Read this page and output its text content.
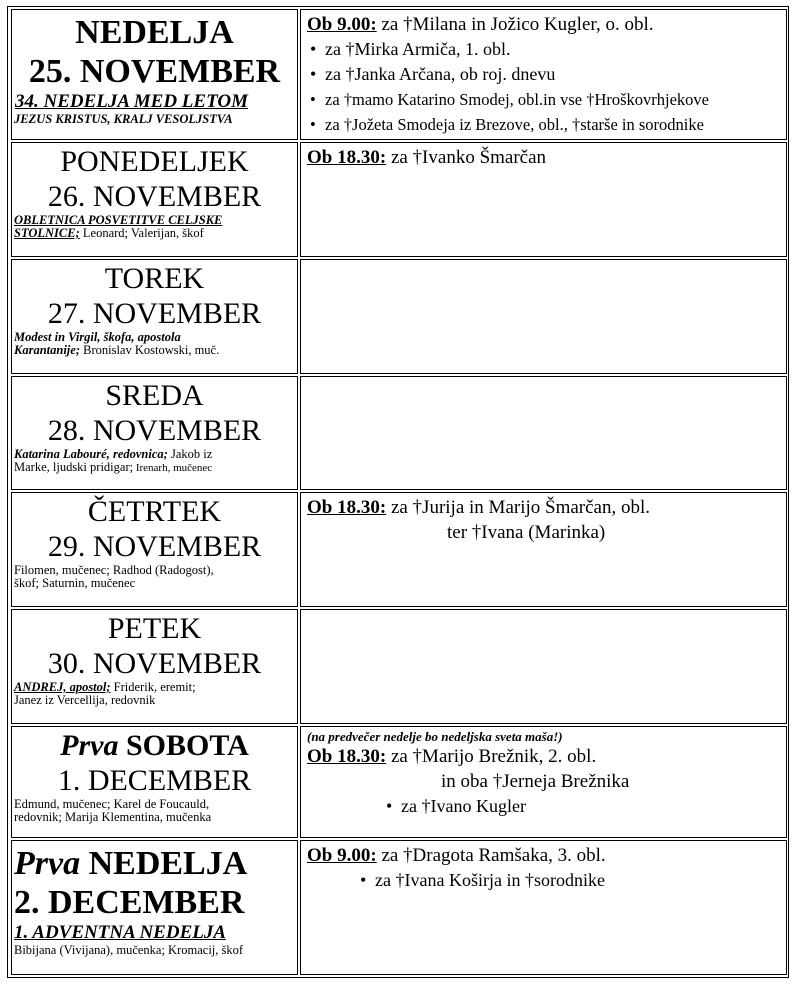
NEDELJA
25. NOVEMBER
34. NEDELJA MED LETOM
JEZUS KRISTUS, KRALJ VESOLJSTVA
Ob 9.00: za †Milana in Jožico Kugler, o. obl.
• za †Mirka Armiča, 1. obl.
• za †Janka Arčana, ob roj. dnevu
• za †mamo Katarino Smodej, obl.in vse †Hroškovrhjekove
• za †Jožeta Smodeja iz Brezove, obl., †starše in sorodnike
PONEDELJEK
26. NOVEMBER
OBLETNICA POSVETITVE CELJSKE
STOLNICE; Leonard; Valerijan, škof
Ob 18.30: za †Ivanko Šmarčan
TOREK
27. NOVEMBER
Modest in Virgil, škofa, apostola
Karantanije; Bronislav Kostowski, muč.
SREDA
28. NOVEMBER
Katarina Labouré, redovnica; Jakob iz
Marke, ljudski pridigar; Irenarh, mučenec
ČETRTEK
29. NOVEMBER
Filomen, mučenec; Radhod (Radogost),
škof; Saturnin, mučenec
Ob 18.30: za †Jurija in Marijo Šmarčan, obl.
ter †Ivana (Marinka)
PETEK
30. NOVEMBER
ANDREJ, apostol; Friderik, eremit;
Janez iz Vercellija, redovnik
Prva SOBOTA
1. DECEMBER
Edmund, mučenec; Karel de Foucauld,
redovnik; Marija Klementina, mučenka
(na predvečer nedelje bo nedeljska sveta maša!)
Ob 18.30: za †Marijo Brežnik, 2. obl.
in oba †Jerneja Brežnika
• za †Ivano Kugler
Prva NEDELJA
2. DECEMBER
1. ADVENTNA NEDELJA
Bibijana (Vivijana), mučenka; Kromacij, škof
Ob 9.00: za †Dragota Ramšaka, 3. obl.
• za †Ivana Koširja in †sorodnike
